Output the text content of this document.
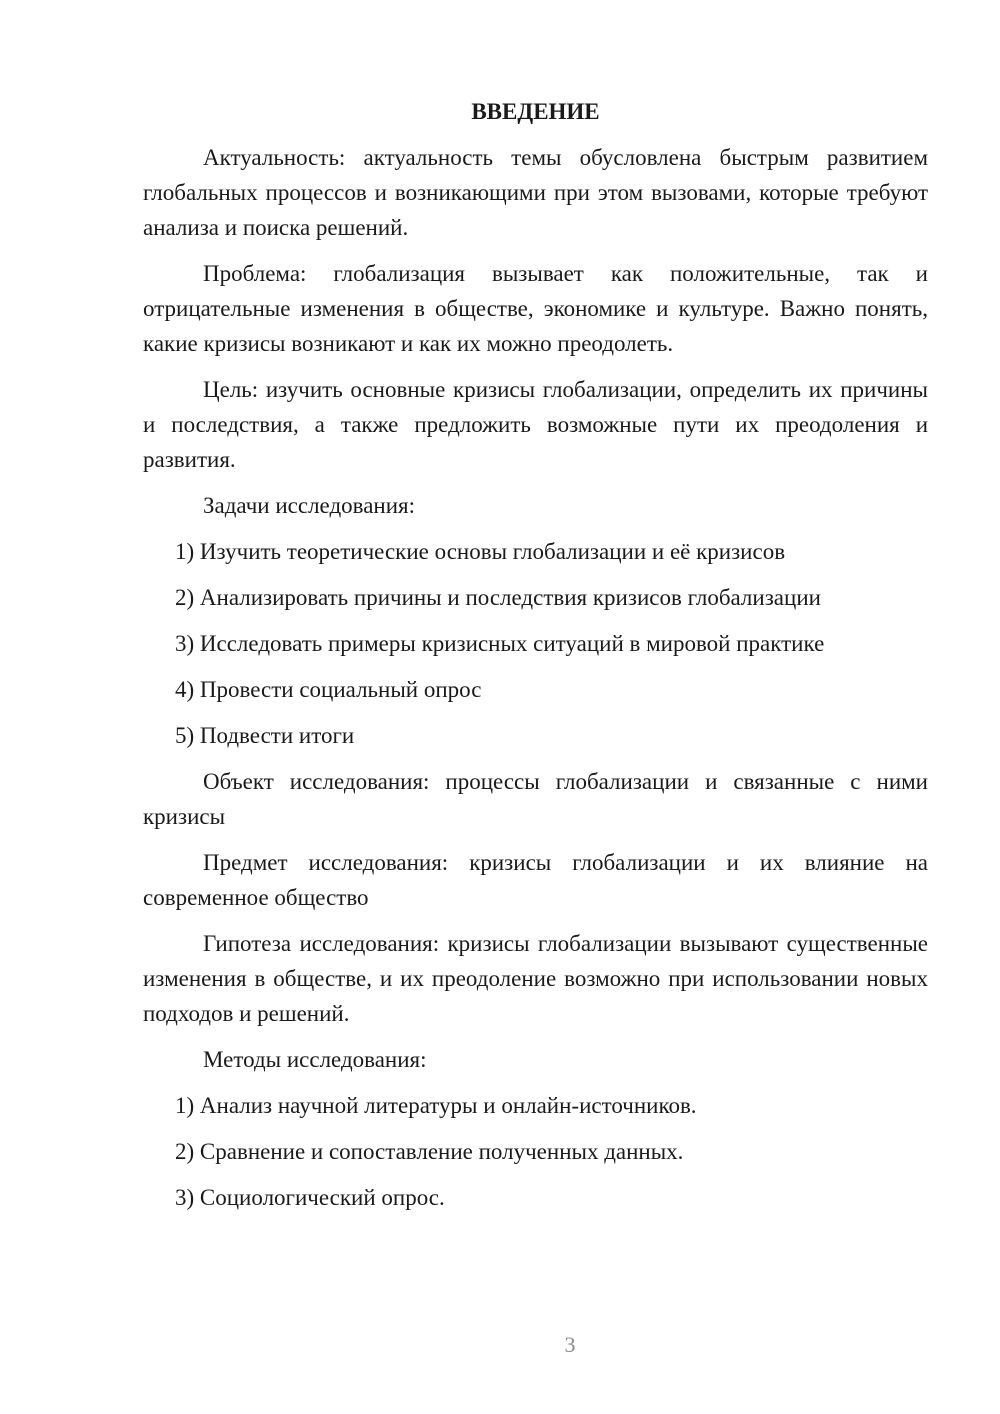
ВВЕДЕНИЕ

Актуальность: актуальность темы обусловлена быстрым развитием глобальных процессов и возникающими при этом вызовами, которые требуют анализа и поиска решений.

Проблема: глобализация вызывает как положительные, так и отрицательные изменения в обществе, экономике и культуре. Важно понять, какие кризисы возникают и как их можно преодолеть.

Цель: изучить основные кризисы глобализации, определить их причины и последствия, а также предложить возможные пути их преодоления и развития.

Задачи исследования:

1) Изучить теоретические основы глобализации и её кризисов

2) Анализировать причины и последствия кризисов глобализации

3) Исследовать примеры кризисных ситуаций в мировой практике

4) Провести социальный опрос

5) Подвести итоги

Объект исследования: процессы глобализации и связанные с ними кризисы

Предмет исследования: кризисы глобализации и их влияние на современное общество

Гипотеза исследования: кризисы глобализации вызывают существенные изменения в обществе, и их преодоление возможно при использовании новых подходов и решений.

Методы исследования:

1) Анализ научной литературы и онлайн-источников.

2) Сравнение и сопоставление полученных данных.

3) Социологический опрос.

3
